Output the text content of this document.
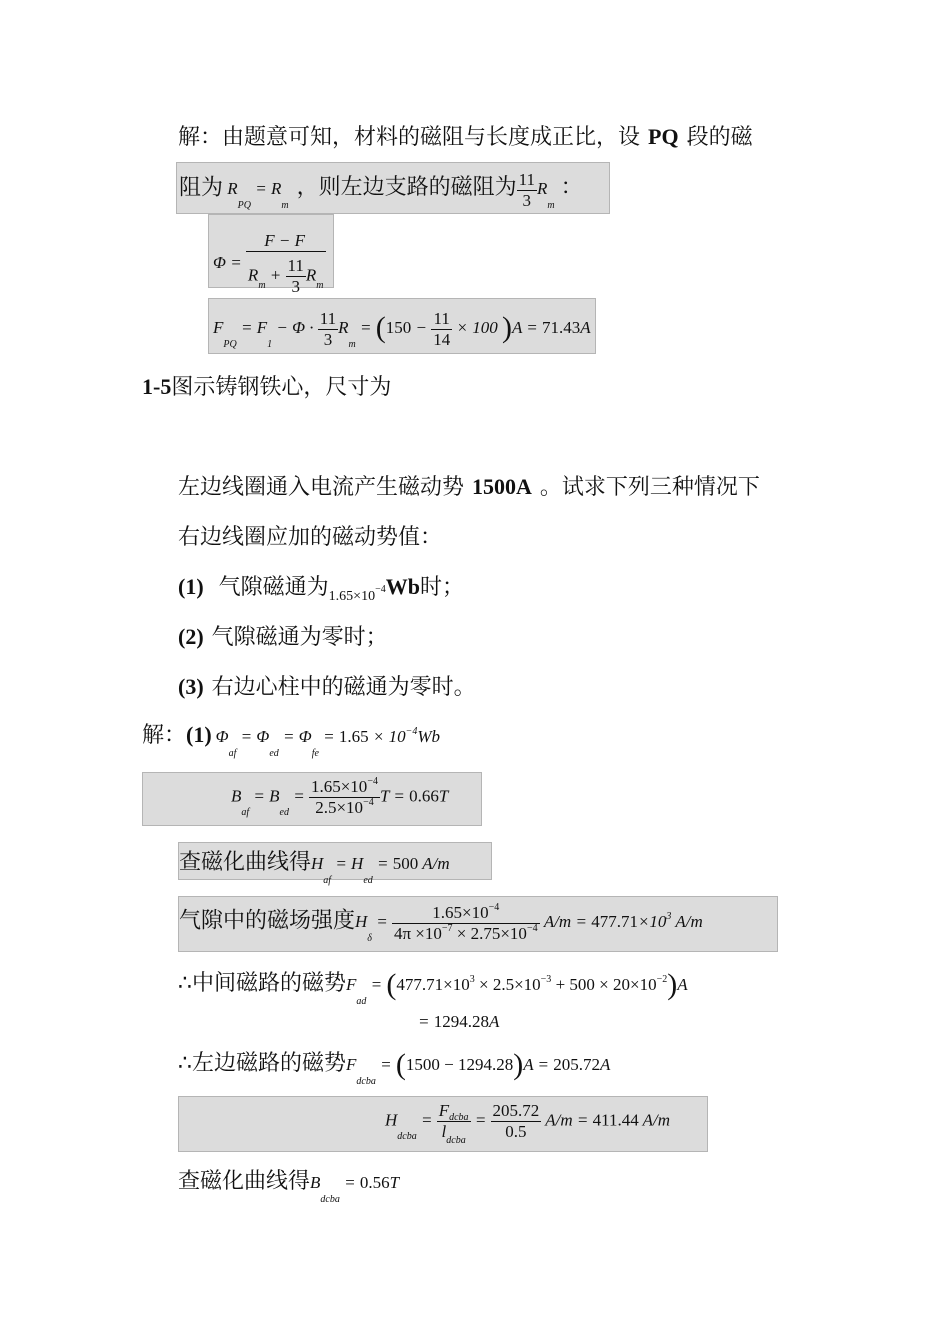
解：由题意可知，材料的磁阻与长度成正比，设 PQ 段的磁
阻为 $R_{PQ} = R_m$，则左边支路的磁阻为 $\frac{11}{3} R_m$：
$\Phi = \frac{F - F}{R_m + \frac{11}{3} R_m}$
$F_{PQ} = F_1 - \Phi \cdot \frac{11}{3} R_m = (150 - \frac{11}{14} \times 100$ )A = 71.43A
1-5图示铸钢铁心，尺寸为
左边线圈通入电流产生磁动势 1500A 。试求下列三种情况下
右边线圈应加的磁动势值：
(1) 气隙磁通为$_{1.65\times 10^{-4}}$Wb时；
(2) 气隙磁通为零时；
(3) 右边心柱中的磁通为零时。
解：(1) $\Phi_{af} = \Phi_{ed} = \Phi_{fe} = 1.65 \times 10^{-4}Wb$
$B_{af} = B_{ed} = \frac{1.65\times 10^{-4}}{2.5\times 10^{-4}}$ T = 0.66T
查磁化曲线得$H_{af} = H_{ed} = 500$ A/m
气隙中的磁场强度$H_\delta = \frac{1.65\times 10^{-4}}{4\pi \times 10^{-7} \times 2.75\times 10^{-4}} A/m = 477.71\times 10^3$ A/m
∴中间磁路的磁势$F_{ad} = (477.71\times 10^3 \times 2.5\times 10^{-3} + 500 \times 20\times 10^{-2})A$
= 1294.28A
∴左边磁路的磁势$F_{dcba} = (1500 - 1294.28)A = 205.72A$
$H_{dcba} = \frac{F_{dcba}}{l_{dcba}} = \frac{205.72}{0.5} A/m = 411.44$ A/m
查磁化曲线得$B_{dcba} = 0.56T$
